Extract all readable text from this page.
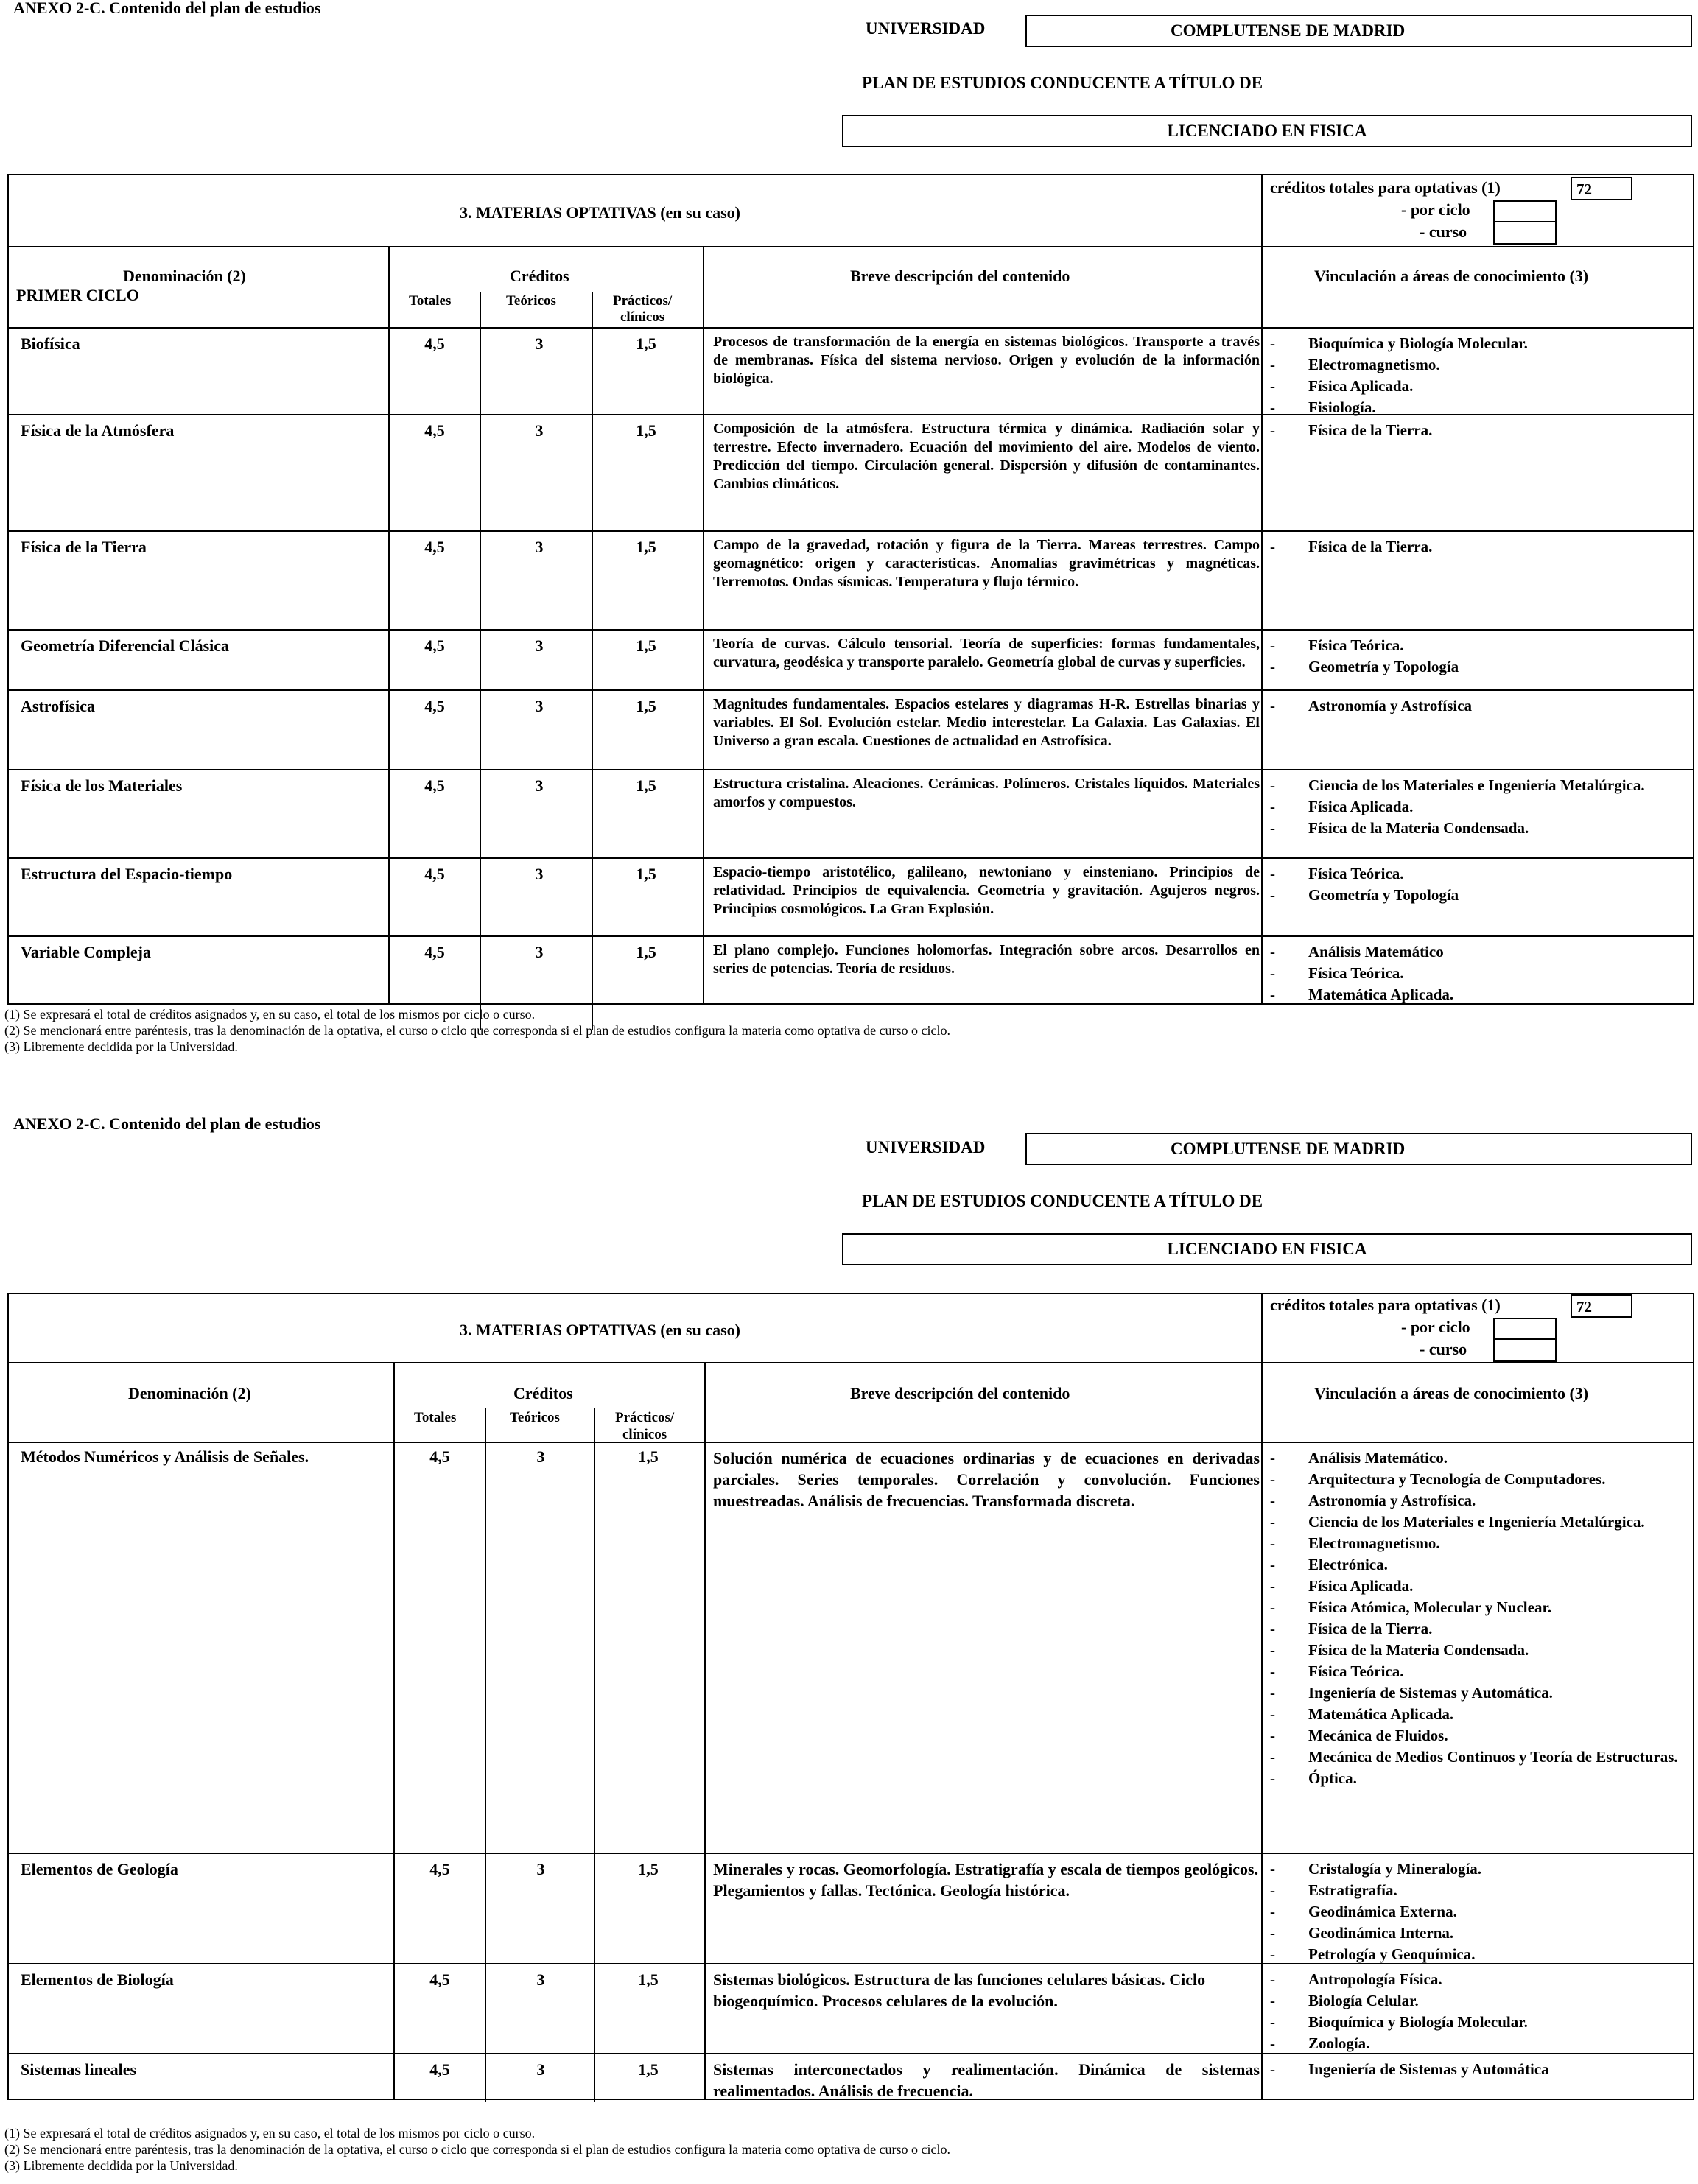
ANEXO 2-C. Contenido del plan de estudios
UNIVERSIDAD	COMPLUTENSE DE MADRID
PLAN DE ESTUDIOS CONDUCENTE A TÍTULO DE
LICENCIADO EN FISICA
3. MATERIAS OPTATIVAS (en su caso)
créditos totales para optativas (1)	72
- por ciclo
- curso
Denominación (2)
PRIMER CICLO
Créditos
Totales	Teóricos	Prácticos/
clínicos
Breve descripción del contenido	Vinculación a áreas de conocimiento (3)
Biofísica	4,5	3	1,5	Procesos de transformación de la energía en sistemas biológicos. Transporte a través de membranas. Física del sistema nervioso. Origen y evolución de la información biológica.
- Bioquímica y Biología Molecular.
- Electromagnetismo.
- Física Aplicada.
- Fisiología.
Física de la Atmósfera	4,5	3	1,5	Composición de la atmósfera. Estructura térmica y dinámica. Radiación solar y terrestre. Efecto invernadero. Ecuación del movimiento del aire. Modelos de viento. Predicción del tiempo. Circulación general. Dispersión y difusión de contaminantes. Cambios climáticos.
- Física de la Tierra.
Física de la Tierra	4,5	3	1,5	Campo de la gravedad, rotación y figura de la Tierra. Mareas terrestres. Campo geomagnético: origen y características. Anomalías gravimétricas y magnéticas. Terremotos. Ondas sísmicas. Temperatura y flujo térmico.
- Física de la Tierra.
Geometría Diferencial Clásica	4,5	3	1,5	Teoría de curvas. Cálculo tensorial. Teoría de superficies: formas fundamentales, curvatura, geodésica y transporte paralelo. Geometría global de curvas y superficies.
- Física Teórica.
- Geometría y Topología
Astrofísica	4,5	3	1,5	Magnitudes fundamentales. Espacios estelares y diagramas H-R. Estrellas binarias y variables. El Sol. Evolución estelar. Medio interestelar. La Galaxia. Las Galaxias. El Universo a gran escala. Cuestiones de actualidad en Astrofísica.
- Astronomía y Astrofísica
Física de los Materiales	4,5	3	1,5	Estructura cristalina. Aleaciones. Cerámicas. Polímeros. Cristales líquidos. Materiales amorfos y compuestos.
- Ciencia de los Materiales e Ingeniería Metalúrgica.
- Física Aplicada.
- Física de la Materia Condensada.
Estructura del Espacio-tiempo	4,5	3	1,5	Espacio-tiempo aristotélico, galileano, newtoniano y einsteniano. Principios de relatividad. Principios de equivalencia. Geometría y gravitación. Agujeros negros. Principios cosmológicos. La Gran Explosión.
- Física Teórica.
- Geometría y Topología
Variable Compleja	4,5	3	1,5	El plano complejo. Funciones holomorfas. Integración sobre arcos. Desarrollos en series de potencias. Teoría de residuos.
- Análisis Matemático
- Física Teórica.
- Matemática Aplicada.
(1) Se expresará el total de créditos asignados y, en su caso, el total de los mismos por ciclo o curso.
(2) Se mencionará entre paréntesis, tras la denominación de la optativa, el curso o ciclo que corresponda si el plan de estudios configura la materia como optativa de curso o ciclo.
(3) Libremente decidida por la Universidad.
ANEXO 2-C. Contenido del plan de estudios
UNIVERSIDAD	COMPLUTENSE DE MADRID
PLAN DE ESTUDIOS CONDUCENTE A TÍTULO DE
LICENCIADO EN FISICA
3. MATERIAS OPTATIVAS (en su caso)
créditos totales para optativas (1)	72
- por ciclo
- curso
Denominación (2)	Créditos
Totales	Teóricos	Prácticos/
clínicos
Breve descripción del contenido	Vinculación a áreas de conocimiento (3)
Métodos Numéricos y Análisis de Señales.	4,5	3	1,5	Solución numérica de ecuaciones ordinarias y de ecuaciones en derivadas parciales. Series temporales. Correlación y convolución. Funciones muestreadas. Análisis de frecuencias. Transformada discreta.
- Análisis Matemático.
- Arquitectura y Tecnología de Computadores.
- Astronomía y Astrofísica.
- Ciencia de los Materiales e Ingeniería Metalúrgica.
- Electromagnetismo.
- Electrónica.
- Física Aplicada.
- Física Atómica, Molecular y Nuclear.
- Física de la Tierra.
- Física de la Materia Condensada.
- Física Teórica.
- Ingeniería de Sistemas y Automática.
- Matemática Aplicada.
- Mecánica de Fluidos.
- Mecánica de Medios Continuos y Teoría de Estructuras.
- Óptica.
Elementos de Geología	4,5	3	1,5	Minerales y rocas. Geomorfología. Estratigrafía y escala de tiempos geológicos. Plegamientos y fallas. Tectónica. Geología histórica.
- Cristalogía y Mineralogía.
- Estratigrafía.
- Geodinámica Externa.
- Geodinámica Interna.
- Petrología y Geoquímica.
Elementos de Biología	4,5	3	1,5	Sistemas biológicos. Estructura de las funciones celulares básicas. Ciclo biogeoquímico. Procesos celulares de la evolución.
- Antropología Física.
- Biología Celular.
- Bioquímica y Biología Molecular.
- Zoología.
Sistemas lineales	4,5	3	1,5	Sistemas interconectados y realimentación. Dinámica de sistemas realimentados. Análisis de frecuencia.
- Ingeniería de Sistemas y Automática
(1) Se expresará el total de créditos asignados y, en su caso, el total de los mismos por ciclo o curso.
(2) Se mencionará entre paréntesis, tras la denominación de la optativa, el curso o ciclo que corresponda si el plan de estudios configura la materia como optativa de curso o ciclo.
(3) Libremente decidida por la Universidad.
